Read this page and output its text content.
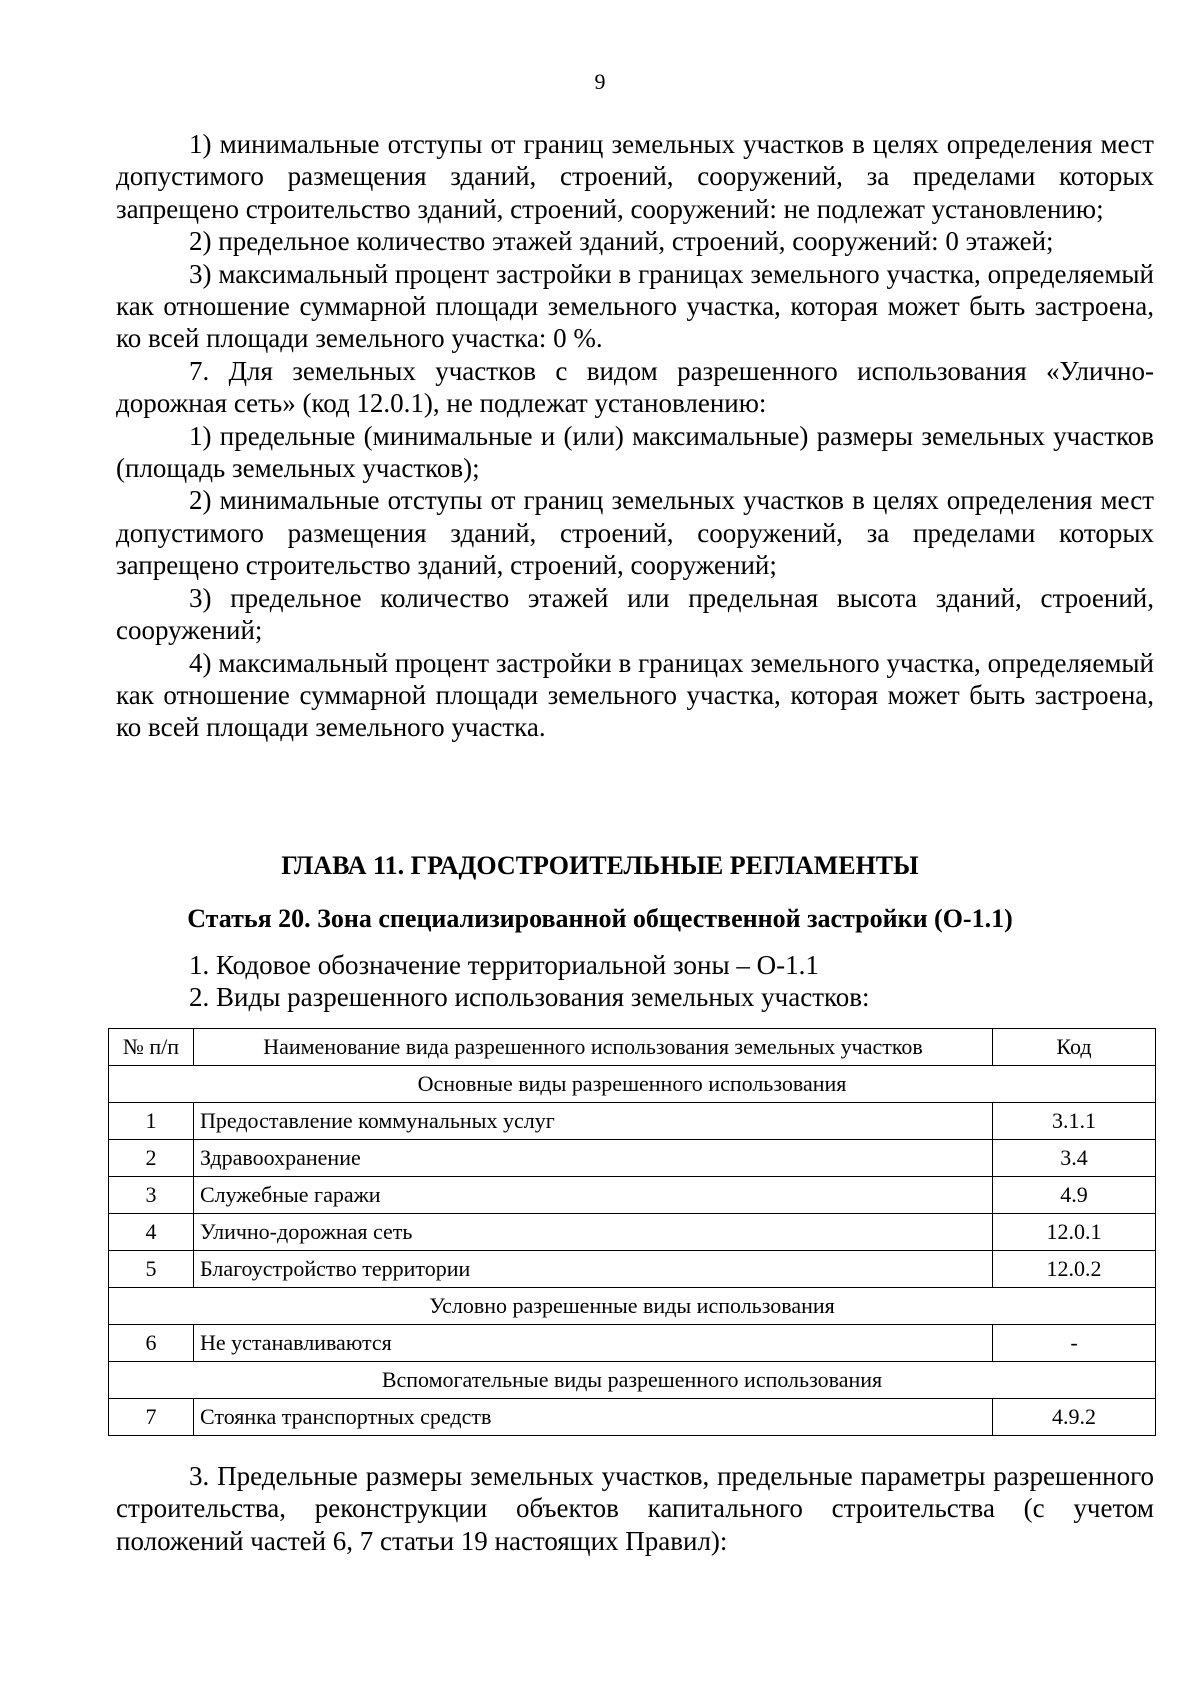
9

1) минимальные отступы от границ земельных участков в целях определения мест допустимого размещения зданий, строений, сооружений, за пределами которых запрещено строительство зданий, строений, сооружений: не подлежат установлению;

2) предельное количество этажей зданий, строений, сооружений: 0 этажей;

3) максимальный процент застройки в границах земельного участка, определяемый как отношение суммарной площади земельного участка, которая может быть застроена, ко всей площади земельного участка: 0 %.

7. Для земельных участков с видом разрешенного использования «Улично-дорожная сеть» (код 12.0.1), не подлежат установлению:

1) предельные (минимальные и (или) максимальные) размеры земельных участков (площадь земельных участков);

2) минимальные отступы от границ земельных участков в целях определения мест допустимого размещения зданий, строений, сооружений, за пределами которых запрещено строительство зданий, строений, сооружений;

3) предельное количество этажей или предельная высота зданий, строений, сооружений;

4) максимальный процент застройки в границах земельного участка, определяемый как отношение суммарной площади земельного участка, которая может быть застроена, ко всей площади земельного участка.

ГЛАВА 11. ГРАДОСТРОИТЕЛЬНЫЕ РЕГЛАМЕНТЫ
Статья 20. Зона специализированной общественной застройки (О-1.1)

1. Кодовое обозначение территориальной зоны – О-1.1

2. Виды разрешенного использования земельных участков:

№ п/п	Наименование вида разрешенного использования земельных участков	Код
Основные виды разрешенного использования		
1	Предоставление коммунальных услуг	3.1.1
2	Здравоохранение	3.4
3	Служебные гаражи	4.9
4	Улично-дорожная сеть	12.0.1
5	Благоустройство территории	12.0.2
Условно разрешенные виды использования		
6	Не устанавливаются	-
Вспомогательные виды разрешенного использования		
7	Стоянка транспортных средств	4.9.2

3. Предельные размеры земельных участков, предельные параметры разрешенного строительства, реконструкции объектов капитального строительства (с учетом положений частей 6, 7 статьи 19 настоящих Правил):
